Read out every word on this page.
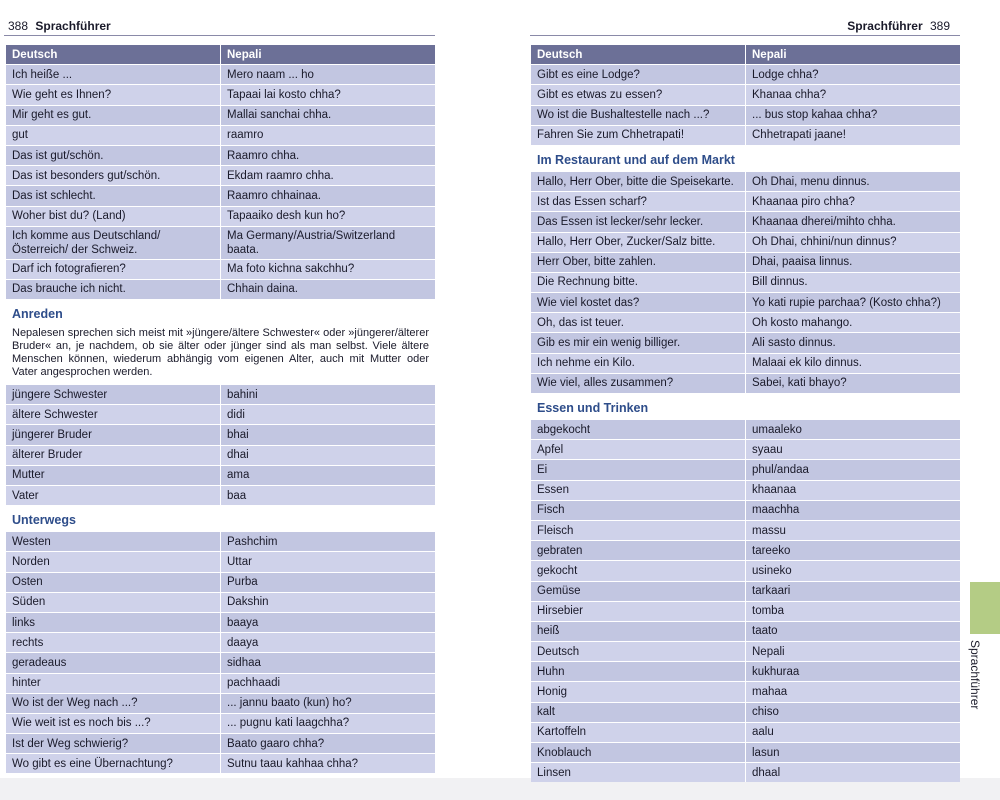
388 Sprachführer
Deutsch	Nepali
Ich heiße ...	Mero naam ... ho
Wie geht es Ihnen?	Tapaai lai kosto chha?
Mir geht es gut.	Mallai sanchai chha.
gut	raamro
Das ist gut/schön.	Raamro chha.
Das ist besonders gut/schön.	Ekdam raamro chha.
Das ist schlecht.	Raamro chhainaa.
Woher bist du? (Land)	Tapaaiko desh kun ho?
Ich komme aus Deutschland/Österreich/ der Schweiz.	Ma Germany/Austria/Switzerland baata.
Darf ich fotografieren?	Ma foto kichna sakchhu?
Das brauche ich nicht.	Chhain daina.
Anreden
Nepalesen sprechen sich meist mit »jüngere/ältere Schwester« oder »jüngerer/älterer Bruder« an, je nachdem, ob sie älter oder jünger sind als man selbst. Viele ältere Menschen können, wiederum abhängig vom eigenen Alter, auch mit Mutter oder Vater angesprochen werden.
jüngere Schwester	bahini
ältere Schwester	didi
jüngerer Bruder	bhai
älterer Bruder	dhai
Mutter	ama
Vater	baa
Unterwegs
Westen	Pashchim
Norden	Uttar
Osten	Purba
Süden	Dakshin
links	baaya
rechts	daaya
geradeaus	sidhaa
hinter	pachhaadi
Wo ist der Weg nach ...?	... jannu baato (kun) ho?
Wie weit ist es noch bis ...?	... pugnu kati laagchha?
Ist der Weg schwierig?	Baato gaaro chha?
Wo gibt es eine Übernachtung?	Sutnu taau kahhaa chha?
Sprachführer 389
Deutsch	Nepali
Gibt es eine Lodge?	Lodge chha?
Gibt es etwas zu essen?	Khanaa chha?
Wo ist die Bushaltestelle nach ...?	... bus stop kahaa chha?
Fahren Sie zum Chhetrapati!	Chhetrapati jaane!
Im Restaurant und auf dem Markt
Hallo, Herr Ober, bitte die Speisekarte.	Oh Dhai, menu dinnus.
Ist das Essen scharf?	Khaanaa piro chha?
Das Essen ist lecker/sehr lecker.	Khaanaa dherei/mihto chha.
Hallo, Herr Ober, Zucker/Salz bitte.	Oh Dhai, chhini/nun dinnus?
Herr Ober, bitte zahlen.	Dhai, paaisa linnus.
Die Rechnung bitte.	Bill dinnus.
Wie viel kostet das?	Yo kati rupie parchaa? (Kosto chha?)
Oh, das ist teuer.	Oh kosto mahango.
Gib es mir ein wenig billiger.	Ali sasto dinnus.
Ich nehme ein Kilo.	Malaai ek kilo dinnus.
Wie viel, alles zusammen?	Sabei, kati bhayo?
Essen und Trinken
abgekocht	umaaleko
Apfel	syaau
Ei	phul/andaa
Essen	khaanaa
Fisch	maachha
Fleisch	massu
gebraten	tareeko
gekocht	usineko
Gemüse	tarkaari
Hirsebier	tomba
heiß	taato
Deutsch	Nepali
Huhn	kukhuraa
Honig	mahaa
kalt	chiso
Kartoffeln	aalu
Knoblauch	lasun
Linsen	dhaal
Sprachführer
